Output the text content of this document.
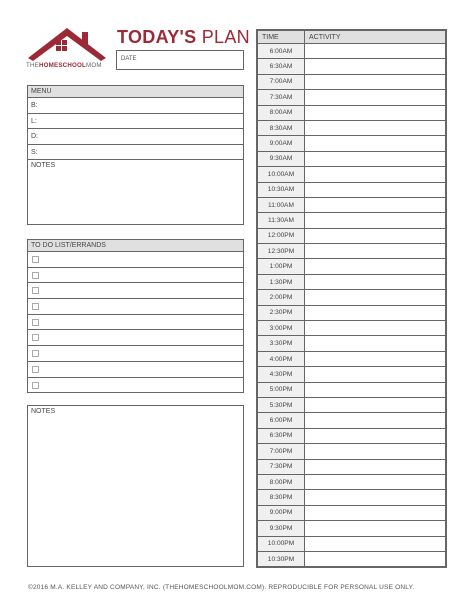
THEHOMESCHOOLMOM
TODAY'S PLAN
DATE
MENU
B:
L:
D:
S:
NOTES
TO DO LIST/ERRANDS
NOTES
TIME	ACTIVITY
6:00AM	
6:30AM	
7:00AM	
7:30AM	
8:00AM	
8:30AM	
9:00AM	
9:30AM	
10:00AM	
10:30AM	
11:00AM	
11:30AM	
12:00PM	
12:30PM	
1:00PM	
1:30PM	
2:00PM	
2:30PM	
3:00PM	
3:30PM	
4:00PM	
4:30PM	
5:00PM	
5:30PM	
6:00PM	
6:30PM	
7:00PM	
7:30PM	
8:00PM	
8:30PM	
9:00PM	
9:30PM	
10:00PM	
10:30PM	
©2016 M.A. KELLEY AND COMPANY, INC. (THEHOMESCHOOLMOM.COM). REPRODUCIBLE FOR PERSONAL USE ONLY.
